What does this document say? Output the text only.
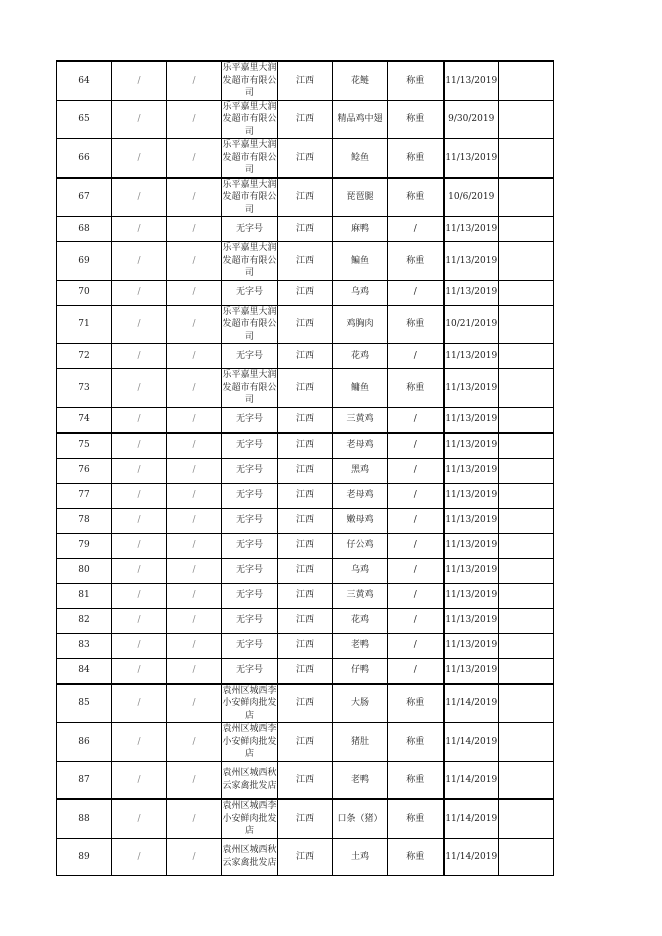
64	/	/	乐平嘉里大润发超市有限公司	江西	花鲢	称重	11/13/2019	
65	/	/	乐平嘉里大润发超市有限公司	江西	精品鸡中翅	称重	9/30/2019	
66	/	/	乐平嘉里大润发超市有限公司	江西	鲶鱼	称重	11/13/2019	
67	/	/	乐平嘉里大润发超市有限公司	江西	琵琶腿	称重	10/6/2019	
68	/	/	无字号	江西	麻鸭	/	11/13/2019	
69	/	/	乐平嘉里大润发超市有限公司	江西	鳊鱼	称重	11/13/2019	
70	/	/	无字号	江西	乌鸡	/	11/13/2019	
71	/	/	乐平嘉里大润发超市有限公司	江西	鸡胸肉	称重	10/21/2019	
72	/	/	无字号	江西	花鸡	/	11/13/2019	
73	/	/	乐平嘉里大润发超市有限公司	江西	鳙鱼	称重	11/13/2019	
74	/	/	无字号	江西	三黄鸡	/	11/13/2019	
75	/	/	无字号	江西	老母鸡	/	11/13/2019	
76	/	/	无字号	江西	黑鸡	/	11/13/2019	
77	/	/	无字号	江西	老母鸡	/	11/13/2019	
78	/	/	无字号	江西	嫩母鸡	/	11/13/2019	
79	/	/	无字号	江西	仔公鸡	/	11/13/2019	
80	/	/	无字号	江西	乌鸡	/	11/13/2019	
81	/	/	无字号	江西	三黄鸡	/	11/13/2019	
82	/	/	无字号	江西	花鸡	/	11/13/2019	
83	/	/	无字号	江西	老鸭	/	11/13/2019	
84	/	/	无字号	江西	仔鸭	/	11/13/2019	
85	/	/	袁州区城西李小安鲜肉批发店	江西	大肠	称重	11/14/2019	
86	/	/	袁州区城西李小安鲜肉批发店	江西	猪肚	称重	11/14/2019	
87	/	/	袁州区城西秋云家禽批发店	江西	老鸭	称重	11/14/2019	
88	/	/	袁州区城西李小安鲜肉批发店	江西	口条（猪）	称重	11/14/2019	
89	/	/	袁州区城西秋云家禽批发店	江西	土鸡	称重	11/14/2019	
